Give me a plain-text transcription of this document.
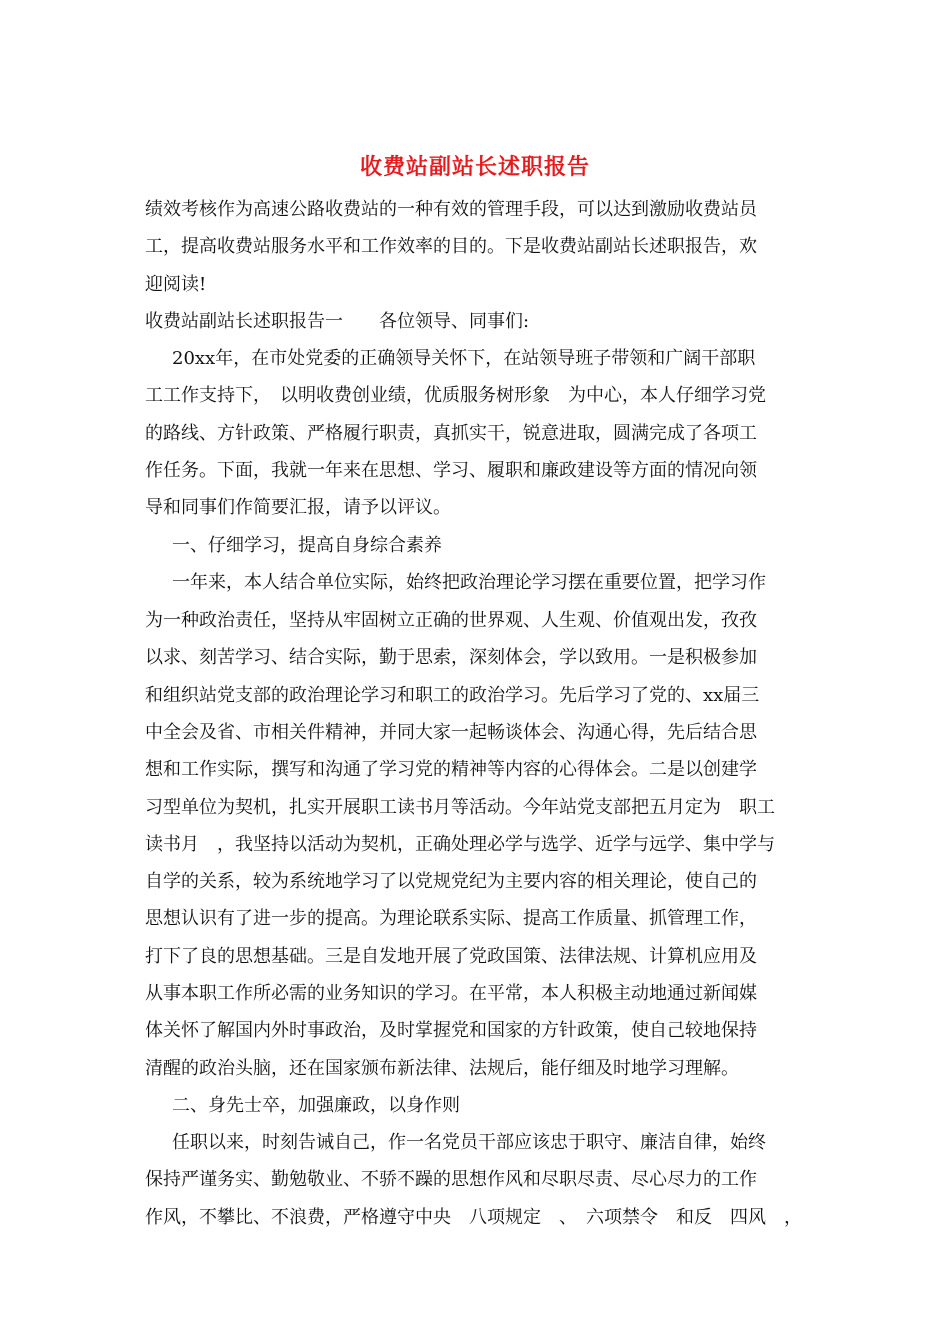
收费站副站长述职报告
绩效考核作为高速公路收费站的一种有效的管理手段，可以达到激励收费站员
工，提高收费站服务水平和工作效率的目的。下是收费站副站长述职报告，欢
迎阅读!
收费站副站长述职报告一　　各位领导、同事们:
20xx年，在市处党委的正确领导关怀下，在站领导班子带领和广阔干部职
工工作支持下，　以明收费创业绩，优质服务树形象　为中心，本人仔细学习党
的路线、方针政策、严格履行职责，真抓实干，锐意进取，圆满完成了各项工
作任务。下面，我就一年来在思想、学习、履职和廉政建设等方面的情况向领
导和同事们作简要汇报，请予以评议。
一、仔细学习，提高自身综合素养
一年来，本人结合单位实际，始终把政治理论学习摆在重要位置，把学习作
为一种政治责任，坚持从牢固树立正确的世界观、人生观、价值观出发，孜孜
以求、刻苦学习、结合实际，勤于思索，深刻体会，学以致用。一是积极参加
和组织站党支部的政治理论学习和职工的政治学习。先后学习了党的、xx届三
中全会及省、市相关件精神，并同大家一起畅谈体会、沟通心得，先后结合思
想和工作实际，撰写和沟通了学习党的精神等内容的心得体会。二是以创建学
习型单位为契机，扎实开展职工读书月等活动。今年站党支部把五月定为　职工
读书月　，我坚持以活动为契机，正确处理必学与选学、近学与远学、集中学与
自学的关系，较为系统地学习了以党规党纪为主要内容的相关理论，使自己的
思想认识有了进一步的提高。为理论联系实际、提高工作质量、抓管理工作，
打下了良的思想基础。三是自发地开展了党政国策、法律法规、计算机应用及
从事本职工作所必需的业务知识的学习。在平常，本人积极主动地通过新闻媒
体关怀了解国内外时事政治，及时掌握党和国家的方针政策，使自己较地保持
清醒的政治头脑，还在国家颁布新法律、法规后，能仔细及时地学习理解。
二、身先士卒，加强廉政，以身作则
任职以来，时刻告诫自己，作一名党员干部应该忠于职守、廉洁自律，始终
保持严谨务实、勤勉敬业、不骄不躁的思想作风和尽职尽责、尽心尽力的工作
作风，不攀比、不浪费，严格遵守中央　八项规定　、　六项禁令　和反　四风　，
